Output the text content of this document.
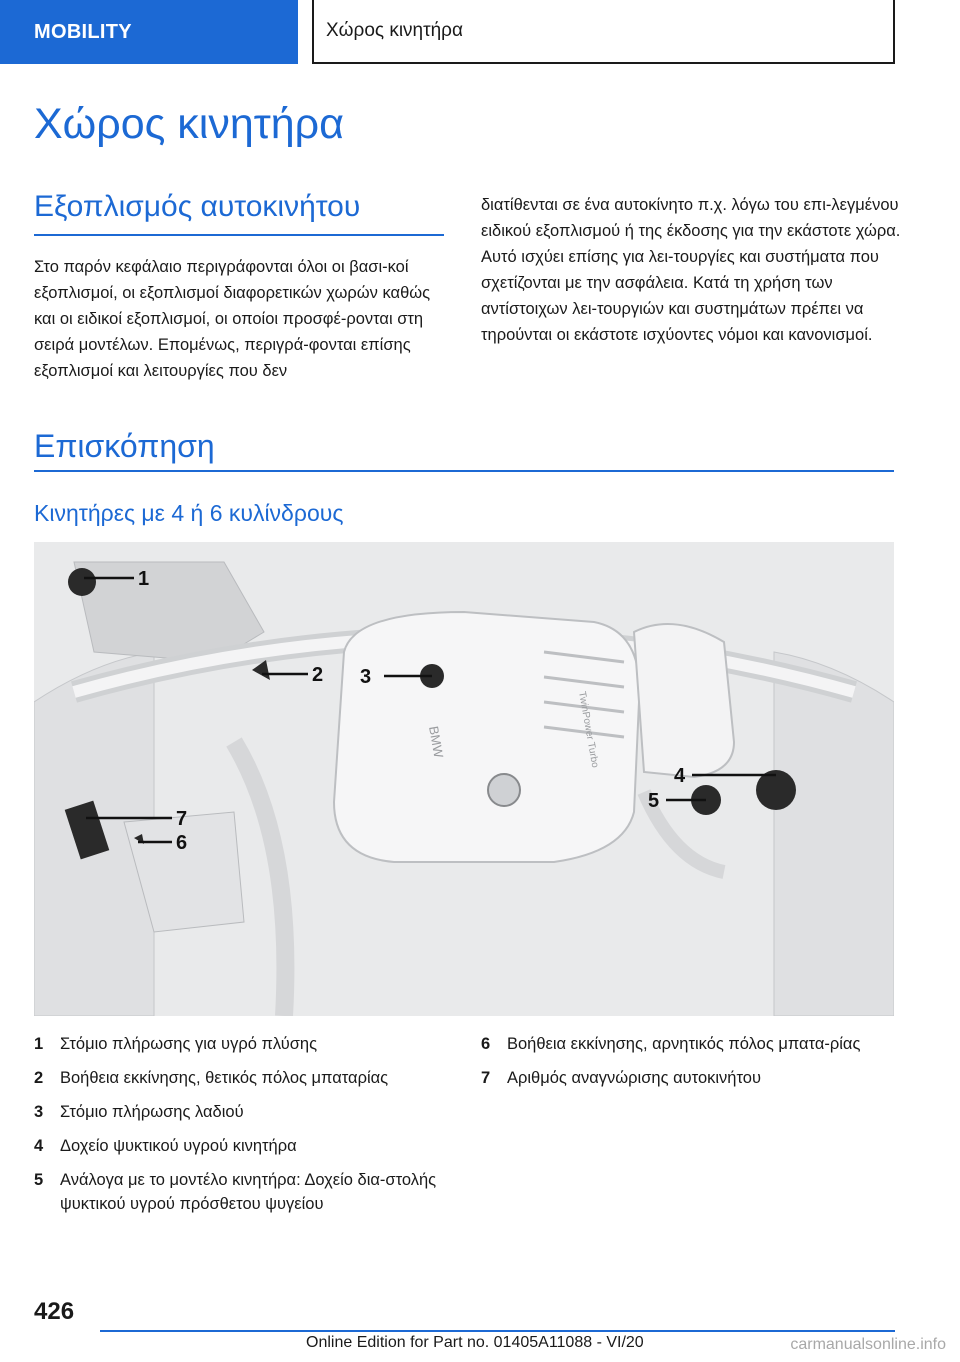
MOBILITY	Χώρος κινητήρα
Χώρος κινητήρα
Εξοπλισμός αυτοκινήτου

Στο παρόν κεφάλαιο περιγράφονται όλοι οι βασι-κοί εξοπλισμοί, οι εξοπλισμοί διαφορετικών χωρών καθώς και οι ειδικοί εξοπλισμοί, οι οποίοι προσφέ-ρονται στη σειρά μοντέλων. Επομένως, περιγρά-φονται επίσης εξοπλισμοί και λειτουργίες που δεν

διατίθενται σε ένα αυτοκίνητο π.χ. λόγω του επι-λεγμένου ειδικού εξοπλισμού ή της έκδοσης για την εκάστοτε χώρα. Αυτό ισχύει επίσης για λει-τουργίες και συστήματα που σχετίζονται με την ασφάλεια. Κατά τη χρήση των αντίστοιχων λει-τουργιών και συστημάτων πρέπει να τηρούνται οι εκάστοτε ισχύοντες νόμοι και κανονισμοί.

Επισκόπηση
Κινητήρες με 4 ή 6 κυλίνδρους
BMW	TwinPower Turbo
1
2 3
4
5
6
7
1	Στόμιο πλήρωσης για υγρό πλύσης
2	Βοήθεια εκκίνησης, θετικός πόλος μπαταρίας
3	Στόμιο πλήρωσης λαδιού
4	Δοχείο ψυκτικού υγρού κινητήρα
5	Ανάλογα με το μοντέλο κινητήρα: Δοχείο δια-στολής ψυκτικού υγρού πρόσθετου ψυγείου
6	Βοήθεια εκκίνησης, αρνητικός πόλος μπατα-ρίας
7	Αριθμός αναγνώρισης αυτοκινήτου
426
Online Edition for Part no. 01405A11088 - VI/20	carmanualsonline.info
